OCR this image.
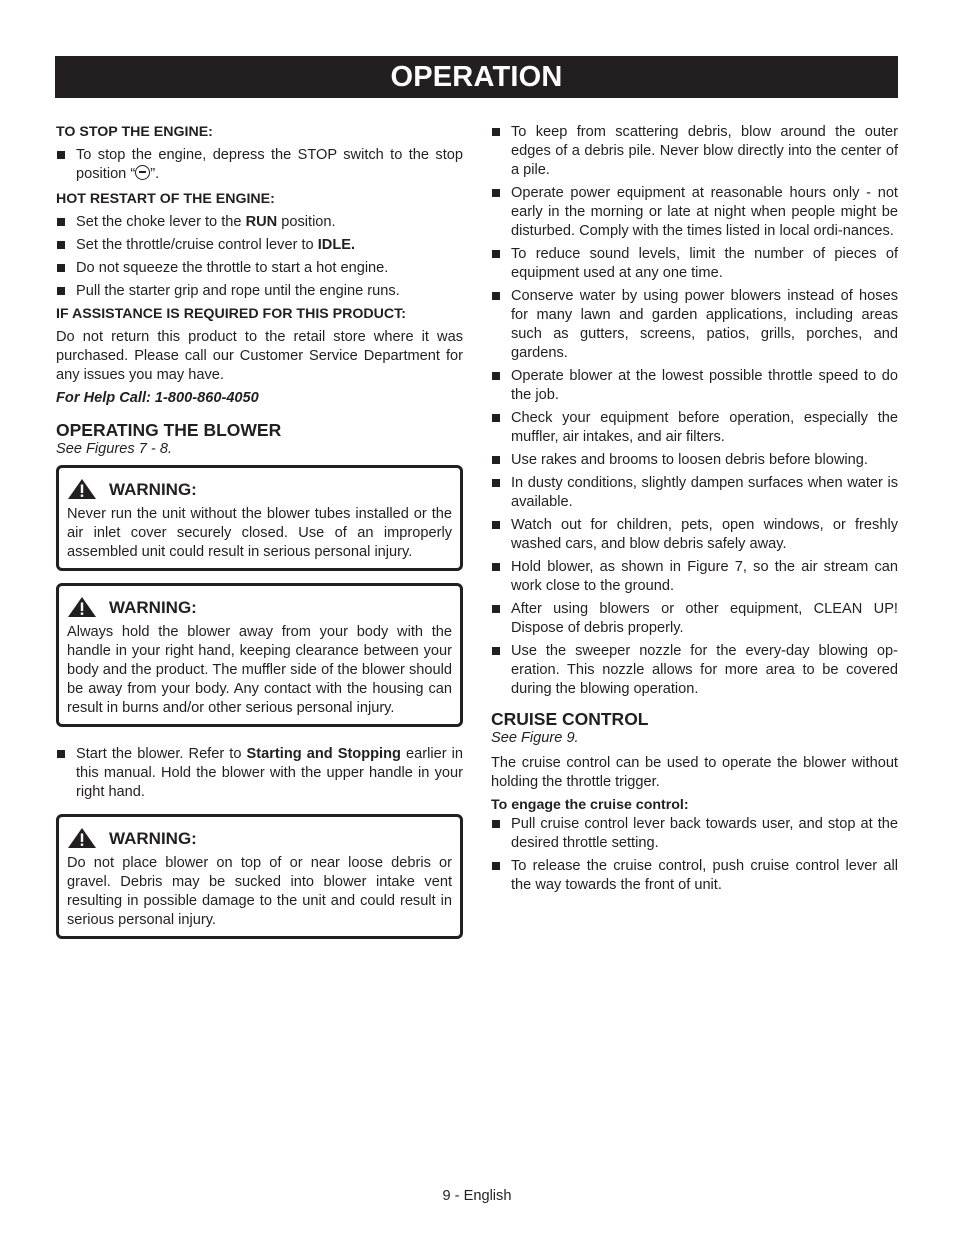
OPERATION

TO STOP THE ENGINE:

To stop the engine, depress the STOP switch to the stop position “ ”.

HOT RESTART OF THE ENGINE:

Set the choke lever to the RUN position.

Set the throttle/cruise control lever to IDLE.

Do not squeeze the throttle to start a hot engine.

Pull the starter grip and rope until the engine runs.

IF ASSISTANCE IS REQUIRED FOR THIS PRODUCT:

Do not return this product to the retail store where it was purchased. Please call our Customer Service Department for any issues you may have.

For Help Call: 1-800-860-4050

OPERATING THE BLOWER

See Figures 7 - 8.

WARNING:
Never run the unit without the blower tubes installed or the air inlet cover securely closed. Use of an improperly assembled unit could result in serious personal injury.
WARNING:
Always hold the blower away from your body with the handle in your right hand, keeping clearance between your body and the product. The muffler side of the blower should be away from your body. Any contact with the housing can result in burns and/or other serious personal injury.

Start the blower. Refer to Starting and Stopping earlier in this manual. Hold the blower with the upper handle in your right hand.

WARNING:
Do not place blower on top of or near loose debris or gravel. Debris may be sucked into blower intake vent resulting in possible damage to the unit and could result in serious personal injury.

To keep from scattering debris, blow around the outer edges of a debris pile. Never blow directly into the center of a pile.

Operate power equipment at reasonable hours only - not early in the morning or late at night when people might be disturbed. Comply with the times listed in local ordi-nances.

To reduce sound levels, limit the number of pieces of equipment used at any one time.

Conserve water by using power blowers instead of hoses for many lawn and garden applications, including areas such as gutters, screens, patios, grills, porches, and gardens.

Operate blower at the lowest possible throttle speed to do the job.

Check your equipment before operation, especially the muffler, air intakes, and air filters.

Use rakes and brooms to loosen debris before blowing.

In dusty conditions, slightly dampen surfaces when water is available.

Watch out for children, pets, open windows, or freshly washed cars, and blow debris safely away.

Hold blower, as shown in Figure 7, so the air stream can work close to the ground.

After using blowers or other equipment, CLEAN UP! Dispose of debris properly.

Use the sweeper nozzle for the every-day blowing op-eration. This nozzle allows for more area to be covered during the blowing operation.

CRUISE CONTROL

See Figure 9.

The cruise control can be used to operate the blower without holding the throttle trigger.

To engage the cruise control:

Pull cruise control lever back towards user, and stop at the desired throttle setting.

To release the cruise control, push cruise control lever all the way towards the front of unit.

9 - English
